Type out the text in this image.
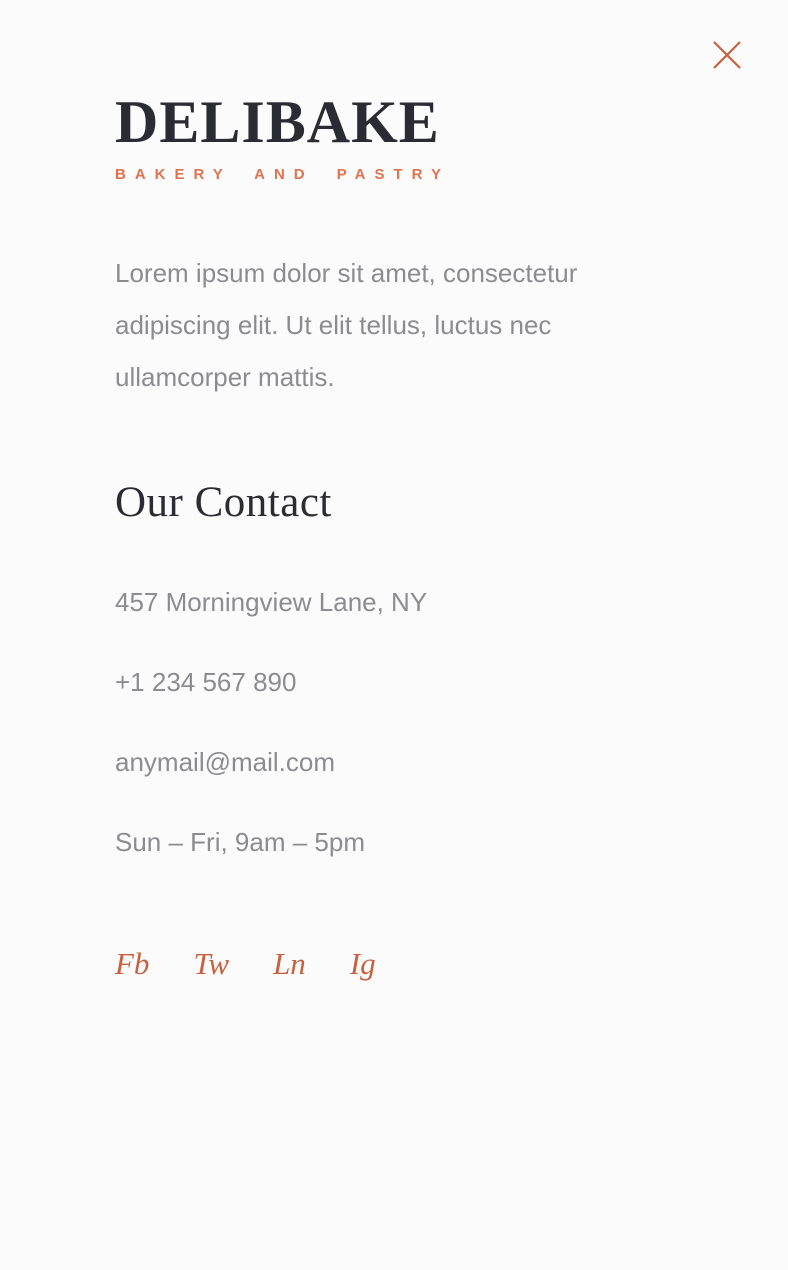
DELIBAKE
BAKERY AND PASTRY

Lorem ipsum dolor sit amet, consectetur adipiscing elit. Ut elit tellus, luctus nec ullamcorper mattis.

Our Contact
457 Morningview Lane, NY
+1 234 567 890
anymail@mail.com
Sun – Fri, 9am – 5pm
Fb Tw Ln Ig
